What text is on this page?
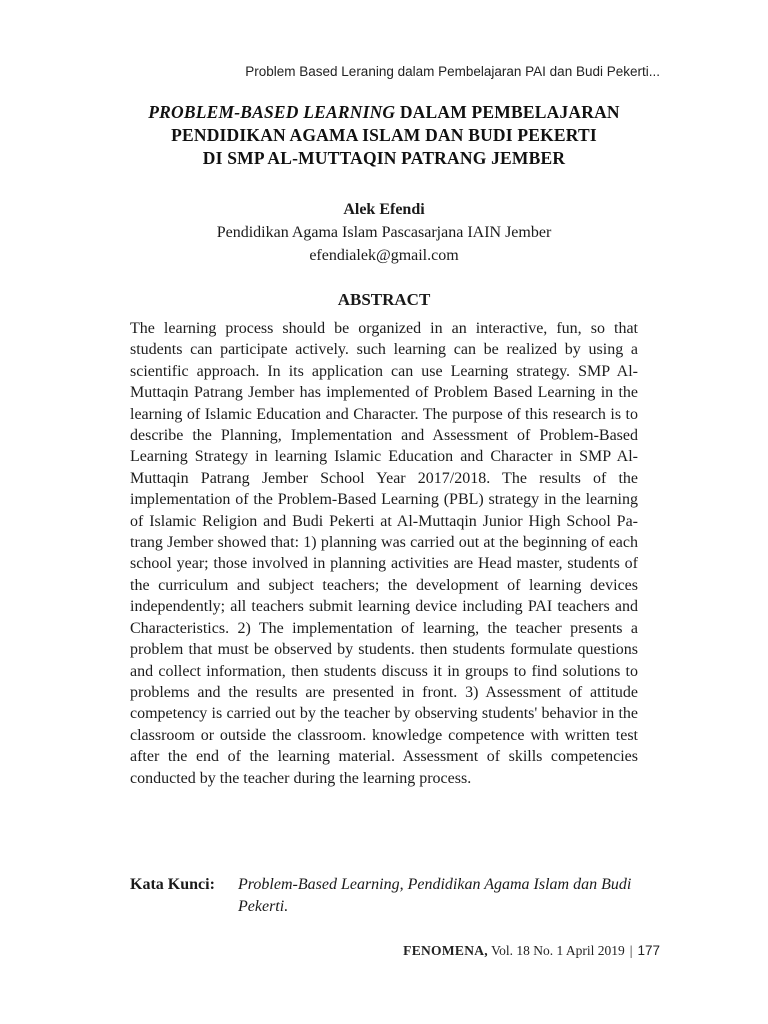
Problem Based Leraning dalam Pembelajaran PAI dan Budi Pekerti...
PROBLEM-BASED LEARNING DALAM PEMBELAJARAN
PENDIDIKAN AGAMA ISLAM DAN BUDI PEKERTI
DI SMP AL-MUTTAQIN PATRANG JEMBER
Alek Efendi
Pendidikan Agama Islam Pascasarjana IAIN Jember
efendialek@gmail.com
ABSTRACT
The learning process should be organized in an interactive, fun, so that students can participate actively. such learning can be realized by using a scientific approach. In its application can use Learning strategy. SMP Al-Muttaqin Patrang Jember has implemented of Problem Based Learning in the learning of Islamic Education and Character. The purpose of this research is to describe the Planning, Implementation and Assessment of Problem-Based Learning Strategy in learning Islamic Education and Character in SMP Al-Muttaqin Patrang Jember School Year 2017/2018. The results of the implementation of the Problem-Based Learning (PBL) strategy in the learning of Islamic Religion and Budi Pekerti at Al-Muttaqin Junior High School Patrang Jember showed that: 1) planning was carried out at the beginning of each school year; those involved in planning activities are Head master, students of the curriculum and subject teachers; the development of learning devices independently; all teachers submit learning device including PAI teachers and Characteristics. 2) The implementation of learning, the teacher presents a problem that must be observed by students. then students formulate questions and collect information, then students discuss it in groups to find solutions to problems and the results are presented in front. 3) Assessment of attitude competency is carried out by the teacher by observing students' behavior in the classroom or outside the classroom. knowledge competence with written test after the end of the learning material. Assessment of skills competencies conducted by the teacher during the learning process.
Kata Kunci:	Problem-Based Learning, Pendidikan Agama Islam dan Budi Pekerti.
FENOMENA, Vol. 18 No. 1 April 2019 | 177
